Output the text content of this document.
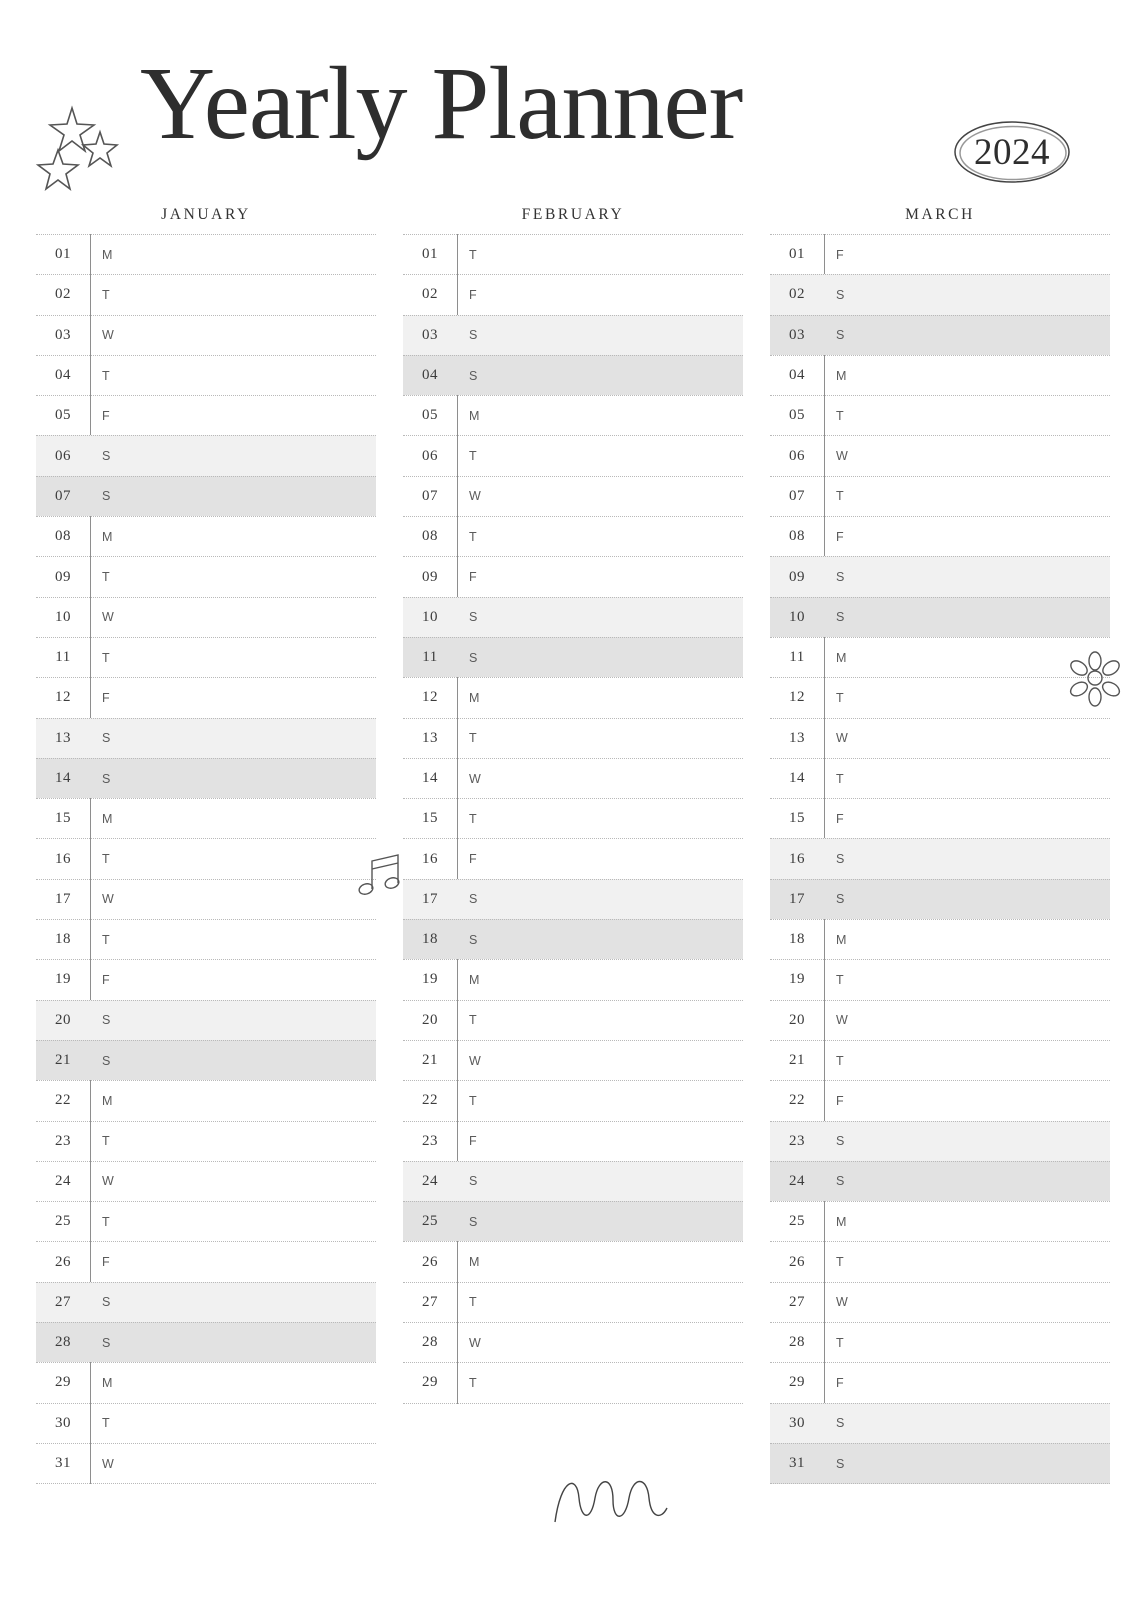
Yearly Planner	2024
JANUARY
01	M
02	T
03	W
04	T
05	F
06	S
07	S
08	M
09	T
10	W
11	T
12	F
13	S
14	S
15	M
16	T
17	W
18	T
19	F
20	S
21	S
22	M
23	T
24	W
25	T
26	F
27	S
28	S
29	M
30	T
31	W
FEBRUARY
01	T
02	F
03	S
04	S
05	M
06	T
07	W
08	T
09	F
10	S
11	S
12	M
13	T
14	W
15	T
16	F
17	S
18	S
19	M
20	T
21	W
22	T
23	F
24	S
25	S
26	M
27	T
28	W
29	T
MARCH
01	F
02	S
03	S
04	M
05	T
06	W
07	T
08	F
09	S
10	S
11	M
12	T
13	W
14	T
15	F
16	S
17	S
18	M
19	T
20	W
21	T
22	F
23	S
24	S
25	M
26	T
27	W
28	T
29	F
30	S
31	S
